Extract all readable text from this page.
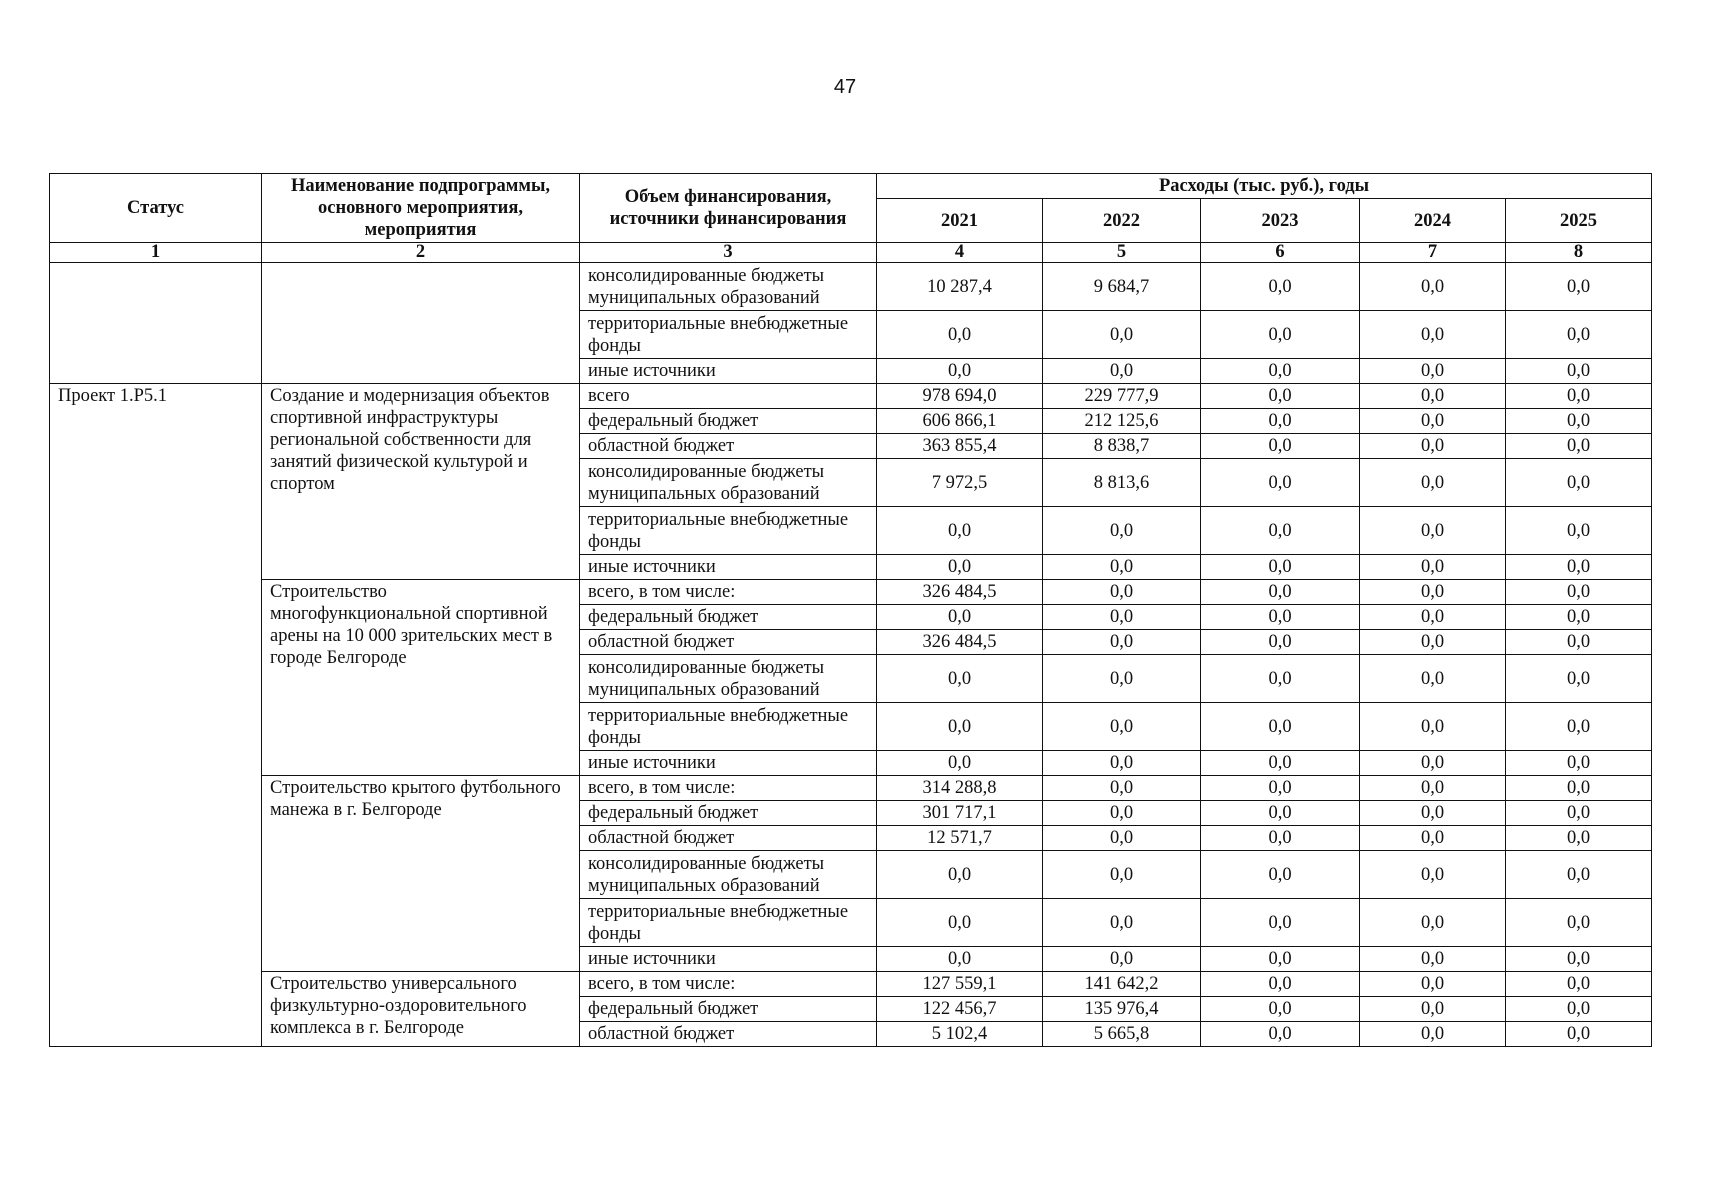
47
Статус	Наименование подпрограммы, основного мероприятия, мероприятия	Объем финансирования, источники финансирования	Расходы (тыс. руб.), годы				
			2021	2022	2023	2024	2025
1	2	3	4	5	6	7	8
		консолидированные бюджеты муниципальных образований	10 287,4	9 684,7	0,0	0,0	0,0
		территориальные внебюджетные фонды	0,0	0,0	0,0	0,0	0,0
		иные источники	0,0	0,0	0,0	0,0	0,0
Проект 1.Р5.1	Создание и модернизация объектов спортивной инфраструктуры региональной собственности для занятий физической культурой и спортом	всего	978 694,0	229 777,9	0,0	0,0	0,0
		федеральный бюджет	606 866,1	212 125,6	0,0	0,0	0,0
		областной бюджет	363 855,4	8 838,7	0,0	0,0	0,0
		консолидированные бюджеты муниципальных образований	7 972,5	8 813,6	0,0	0,0	0,0
		территориальные внебюджетные фонды	0,0	0,0	0,0	0,0	0,0
		иные источники	0,0	0,0	0,0	0,0	0,0
	Строительство многофункциональной спортивной арены на 10 000 зрительских мест в городе Белгороде	всего, в том числе:	326 484,5	0,0	0,0	0,0	0,0
		федеральный бюджет	0,0	0,0	0,0	0,0	0,0
		областной бюджет	326 484,5	0,0	0,0	0,0	0,0
		консолидированные бюджеты муниципальных образований	0,0	0,0	0,0	0,0	0,0
		территориальные внебюджетные фонды	0,0	0,0	0,0	0,0	0,0
		иные источники	0,0	0,0	0,0	0,0	0,0
	Строительство крытого футбольного манежа в г. Белгороде	всего, в том числе:	314 288,8	0,0	0,0	0,0	0,0
		федеральный бюджет	301 717,1	0,0	0,0	0,0	0,0
		областной бюджет	12 571,7	0,0	0,0	0,0	0,0
		консолидированные бюджеты муниципальных образований	0,0	0,0	0,0	0,0	0,0
		территориальные внебюджетные фонды	0,0	0,0	0,0	0,0	0,0
		иные источники	0,0	0,0	0,0	0,0	0,0
	Строительство универсального физкультурно-оздоровительного комплекса в г. Белгороде	всего, в том числе:	127 559,1	141 642,2	0,0	0,0	0,0
		федеральный бюджет	122 456,7	135 976,4	0,0	0,0	0,0
		областной бюджет	5 102,4	5 665,8	0,0	0,0	0,0
